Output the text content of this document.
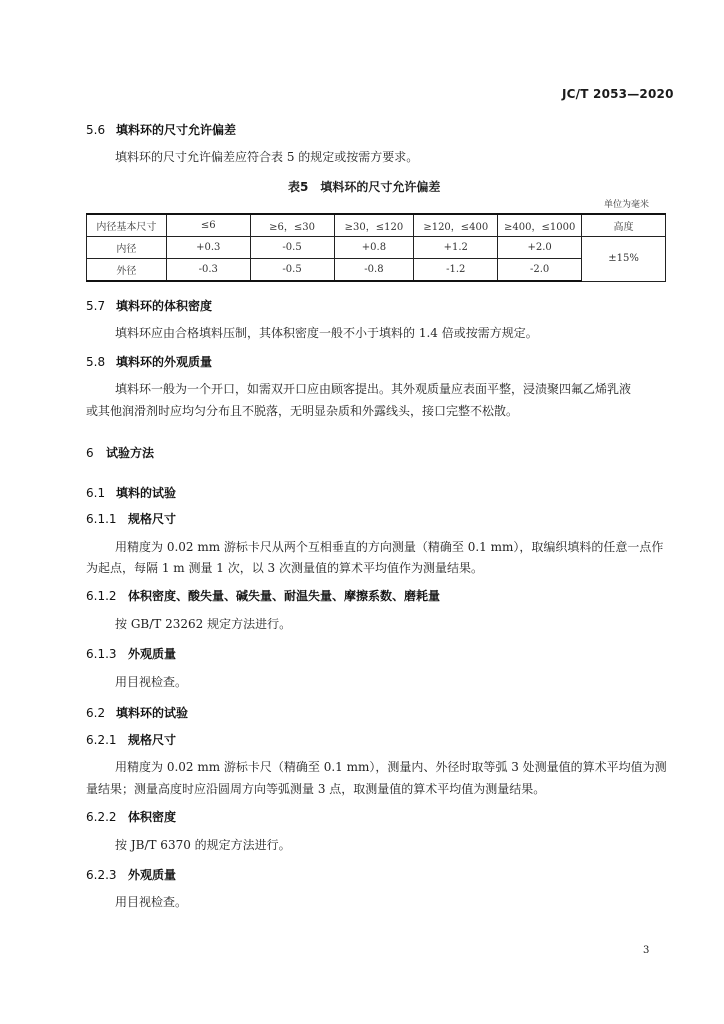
JC/T 2053—2020
5.6 填料环的尺寸允许偏差
填料环的尺寸允许偏差应符合表 5 的规定或按需方要求。
表5　填料环的尺寸允许偏差
单位为毫米
内径基本尺寸	≤6	≥6，≤30	≥30，≤120	≥120，≤400	≥400，≤1000	高度
内径	+0.3	-0.5	+0.8	+1.2	+2.0	±15%
外径	-0.3	-0.5	-0.8	-1.2	-2.0	
5.7 填料环的体积密度
填料环应由合格填料压制，其体积密度一般不小于填料的 1.4 倍或按需方规定。
5.8 填料环的外观质量
填料环一般为一个开口，如需双开口应由顾客提出。其外观质量应表面平整，浸渍聚四氟乙烯乳液
或其他润滑剂时应均匀分布且不脱落，无明显杂质和外露线头，接口完整不松散。
6 试验方法
6.1 填料的试验
6.1.1 规格尺寸
用精度为 0.02 mm 游标卡尺从两个互相垂直的方向测量（精确至 0.1 mm），取编织填料的任意一点作
为起点，每隔 1 m 测量 1 次，以 3 次测量值的算术平均值作为测量结果。
6.1.2 体积密度、酸失量、碱失量、耐温失量、摩擦系数、磨耗量
按 GB/T 23262 规定方法进行。
6.1.3 外观质量
用目视检查。
6.2 填料环的试验
6.2.1 规格尺寸
用精度为 0.02 mm 游标卡尺（精确至 0.1 mm），测量内、外径时取等弧 3 处测量值的算术平均值为测
量结果；测量高度时应沿圆周方向等弧测量 3 点，取测量值的算术平均值为测量结果。
6.2.2 体积密度
按 JB/T 6370 的规定方法进行。
6.2.3 外观质量
用目视检查。
3
